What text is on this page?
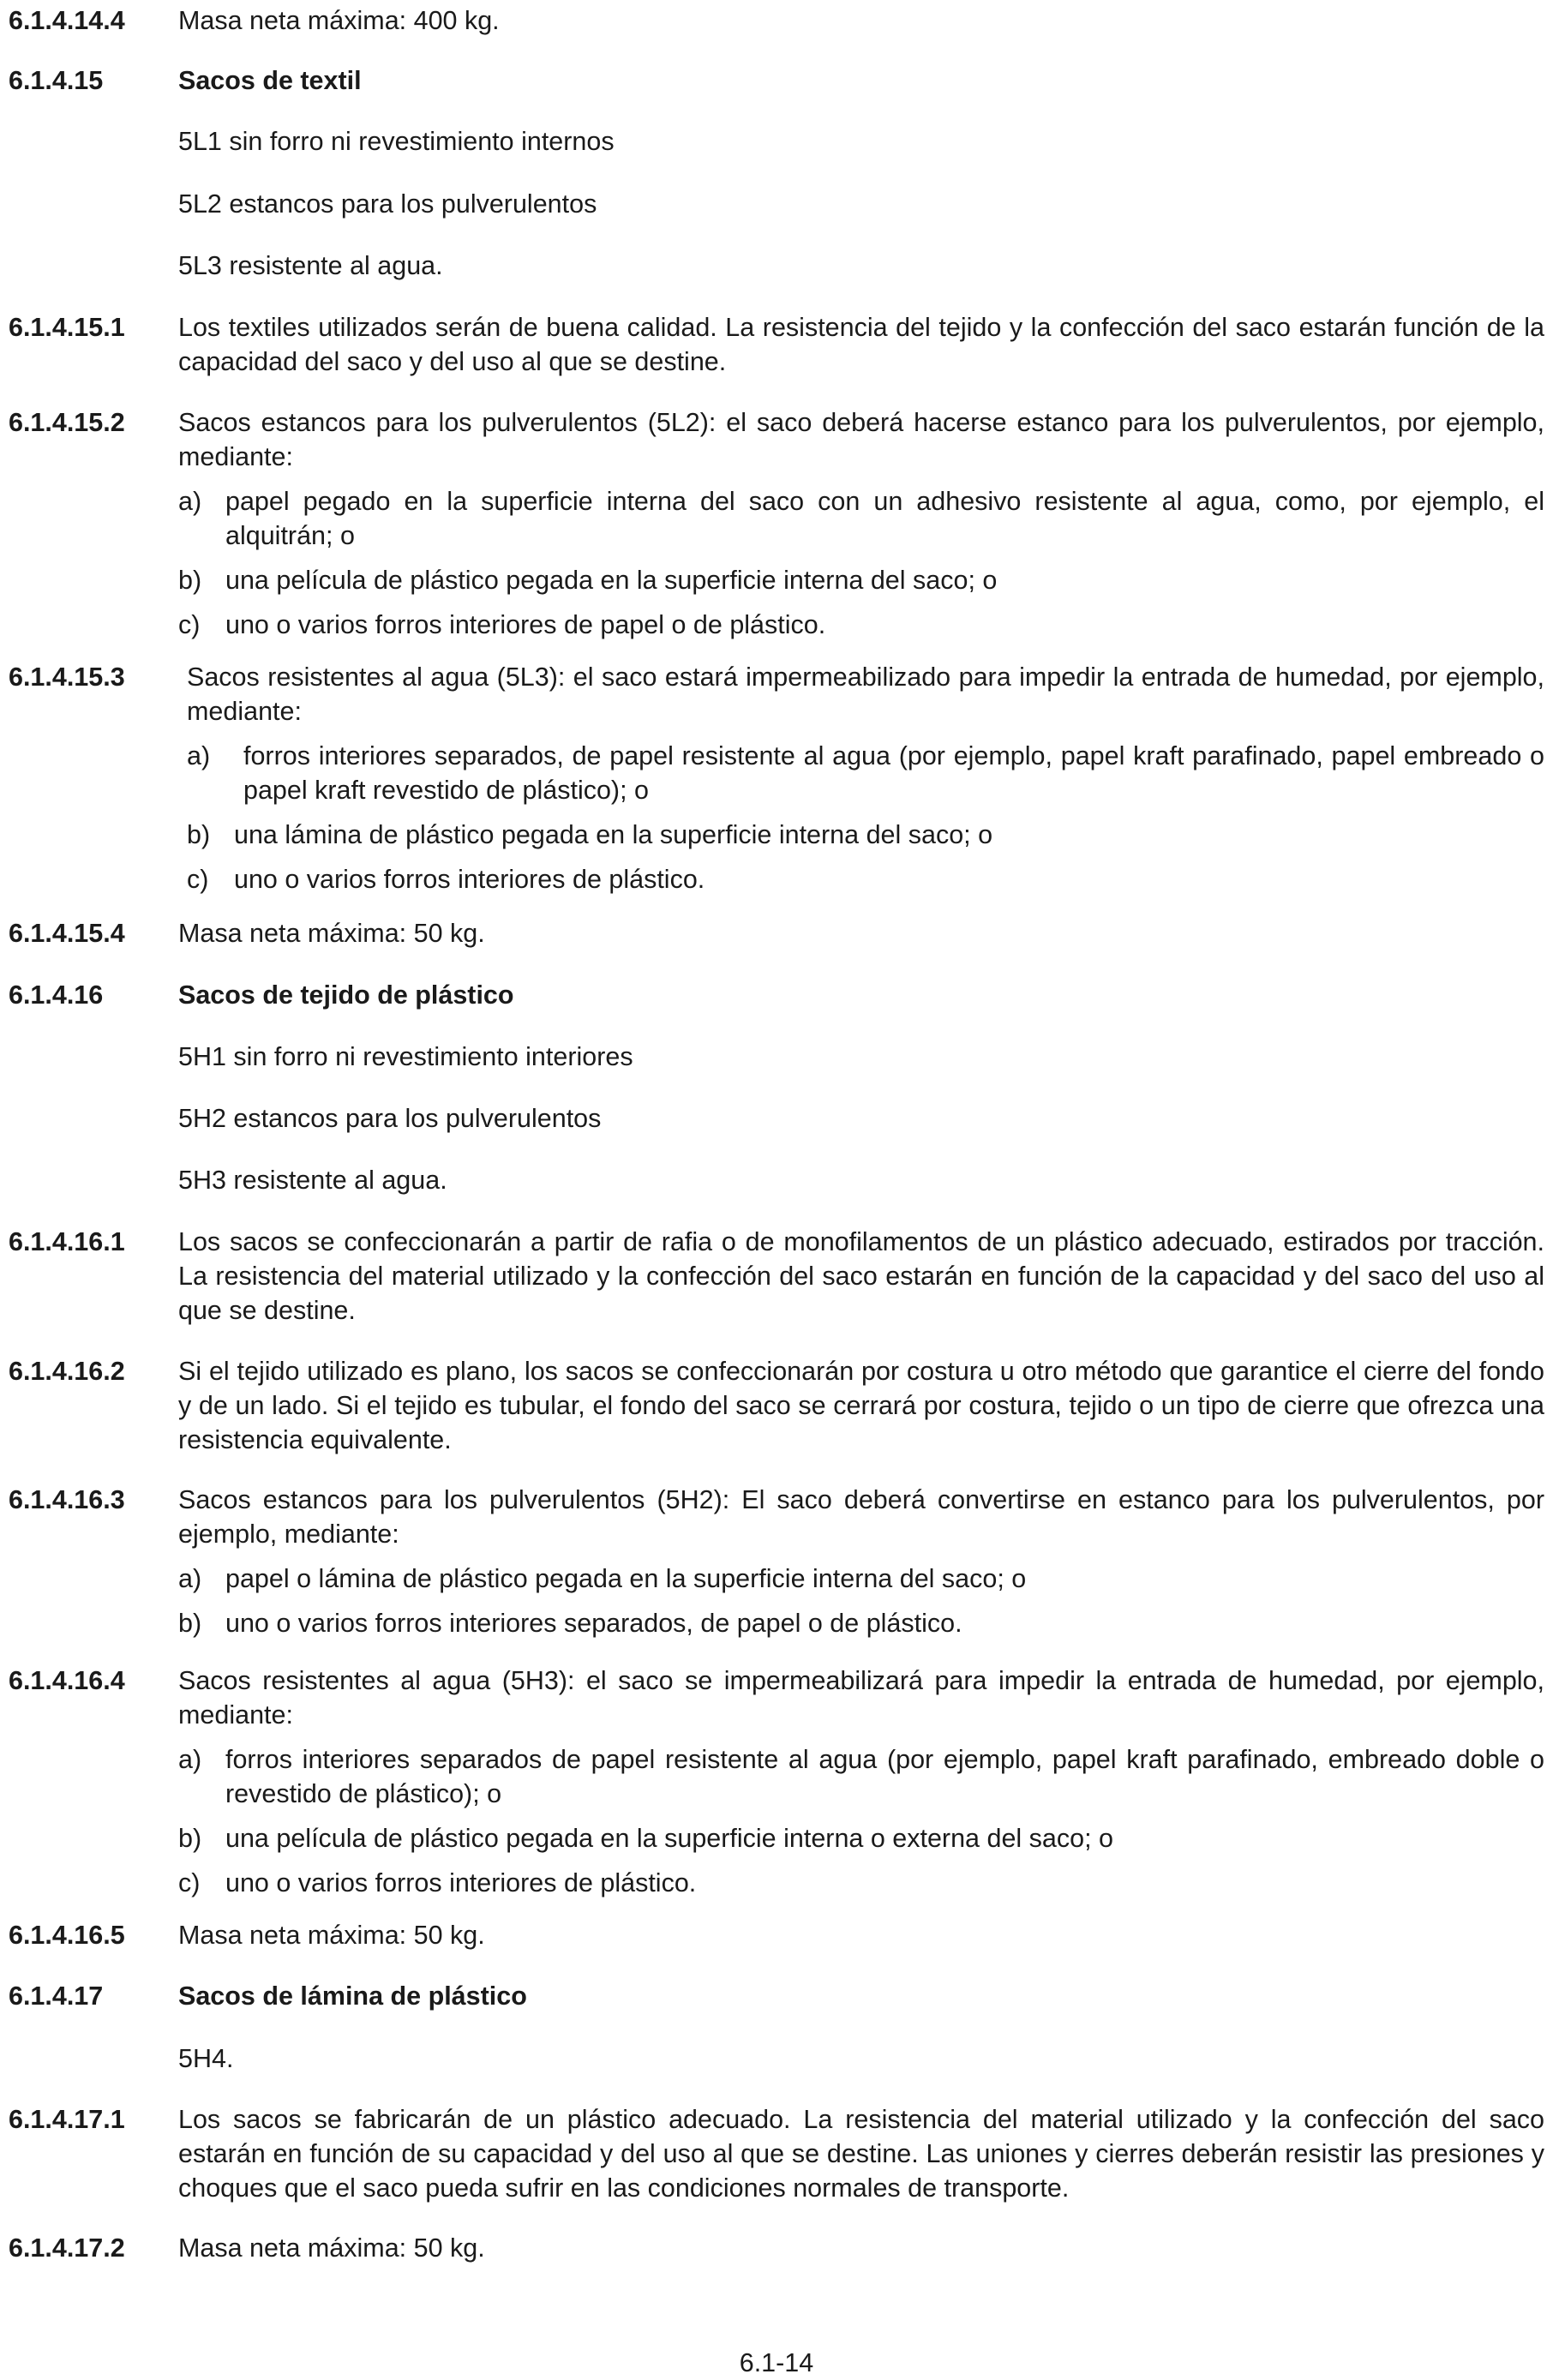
6.1.4.14.4 Masa neta máxima: 400 kg.

6.1.4.15	Sacos de textil

5L1 sin forro ni revestimiento internos

5L2 estancos para los pulverulentos

5L3 resistente al agua.

6.1.4.15.1 Los textiles utilizados serán de buena calidad. La resistencia del tejido y la confección del saco estarán función de la capacidad del saco y del uso al que se destine.

6.1.4.15.2 Sacos estancos para los pulverulentos (5L2): el saco deberá hacerse estanco para los pulverulentos, por ejemplo, mediante:

a) papel pegado en la superficie interna del saco con un adhesivo resistente al agua, como, por ejemplo, el alquitrán; o
b) una película de plástico pegada en la superficie interna del saco; o
c) uno o varios forros interiores de papel o de plástico.
6.1.4.15.3 Sacos resistentes al agua (5L3): el saco estará impermeabilizado para impedir la entrada de humedad, por ejemplo, mediante:

a) forros interiores separados, de papel resistente al agua (por ejemplo, papel kraft parafinado, papel embreado o papel kraft revestido de plástico); o
b) una lámina de plástico pegada en la superficie interna del saco; o
c) uno o varios forros interiores de plástico.
6.1.4.15.4 Masa neta máxima: 50 kg.

6.1.4.16	Sacos de tejido de plástico

5H1 sin forro ni revestimiento interiores

5H2 estancos para los pulverulentos

5H3 resistente al agua.

6.1.4.16.1 Los sacos se confeccionarán a partir de rafia o de monofilamentos de un plástico adecuado, estirados por tracción. La resistencia del material utilizado y la confección del saco estarán en función de la capacidad y del saco del uso al que se destine.

6.1.4.16.2 Si el tejido utilizado es plano, los sacos se confeccionarán por costura u otro método que garantice el cierre del fondo y de un lado. Si el tejido es tubular, el fondo del saco se cerrará por costura, tejido o un tipo de cierre que ofrezca una resistencia equivalente.

6.1.4.16.3 Sacos estancos para los pulverulentos (5H2): El saco deberá convertirse en estanco para los pulverulentos, por ejemplo, mediante:

a) papel o lámina de plástico pegada en la superficie interna del saco; o
b) uno o varios forros interiores separados, de papel o de plástico.
6.1.4.16.4 Sacos resistentes al agua (5H3): el saco se impermeabilizará para impedir la entrada de humedad, por ejemplo, mediante:

a) forros interiores separados de papel resistente al agua (por ejemplo, papel kraft parafinado, embreado doble o revestido de plástico); o
b) una película de plástico pegada en la superficie interna o externa del saco; o
c) uno o varios forros interiores de plástico.
6.1.4.16.5 Masa neta máxima: 50 kg.

6.1.4.17	Sacos de lámina de plástico

5H4.

6.1.4.17.1 Los sacos se fabricarán de un plástico adecuado. La resistencia del material utilizado y la confección del saco estarán en función de su capacidad y del uso al que se destine. Las uniones y cierres deberán resistir las presiones y choques que el saco pueda sufrir en las condiciones normales de transporte.

6.1.4.17.2 Masa neta máxima: 50 kg.

6.1-14
